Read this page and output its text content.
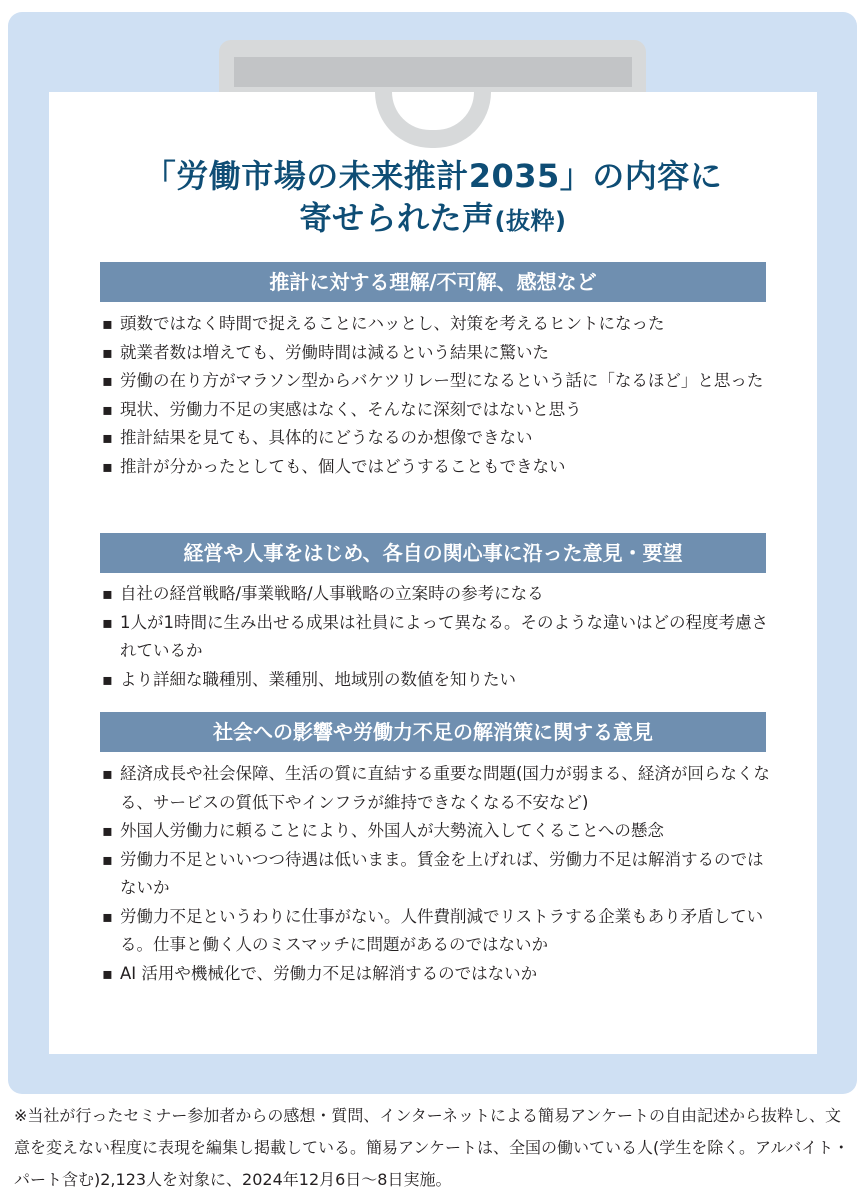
「労働市場の未来推計2035」の内容に
寄せられた声(抜粋)
推計に対する理解/不可解、感想など
▪ 頭数ではなく時間で捉えることにハッとし、対策を考えるヒントになった
▪ 就業者数は増えても、労働時間は減るという結果に驚いた
▪ 労働の在り方がマラソン型からバケツリレー型になるという話に「なるほど」と思った
▪ 現状、労働力不足の実感はなく、そんなに深刻ではないと思う
▪ 推計結果を見ても、具体的にどうなるのか想像できない
▪ 推計が分かったとしても、個人ではどうすることもできない
経営や人事をはじめ、各自の関心事に沿った意見・要望
▪ 自社の経営戦略/事業戦略/人事戦略の立案時の参考になる
▪ 1人が1時間に生み出せる成果は社員によって異なる。そのような違いはどの程度考慮されているか
▪ より詳細な職種別、業種別、地域別の数値を知りたい
社会への影響や労働力不足の解消策に関する意見
▪ 経済成長や社会保障、生活の質に直結する重要な問題(国力が弱まる、経済が回らなくなる、サービスの質低下やインフラが維持できなくなる不安など)
▪ 外国人労働力に頼ることにより、外国人が大勢流入してくることへの懸念
▪ 労働力不足といいつつ待遇は低いまま。賃金を上げれば、労働力不足は解消するのではないか
▪ 労働力不足というわりに仕事がない。人件費削減でリストラする企業もあり矛盾している。仕事と働く人のミスマッチに問題があるのではないか
▪ AI 活用や機械化で、労働力不足は解消するのではないか
※当社が行ったセミナー参加者からの感想・質問、インターネットによる簡易アンケートの自由記述から抜粋し、文意を変えない程度に表現を編集し掲載している。簡易アンケートは、全国の働いている人(学生を除く。アルバイト・パート含む)2,123人を対象に、2024年12月6日〜8日実施。
